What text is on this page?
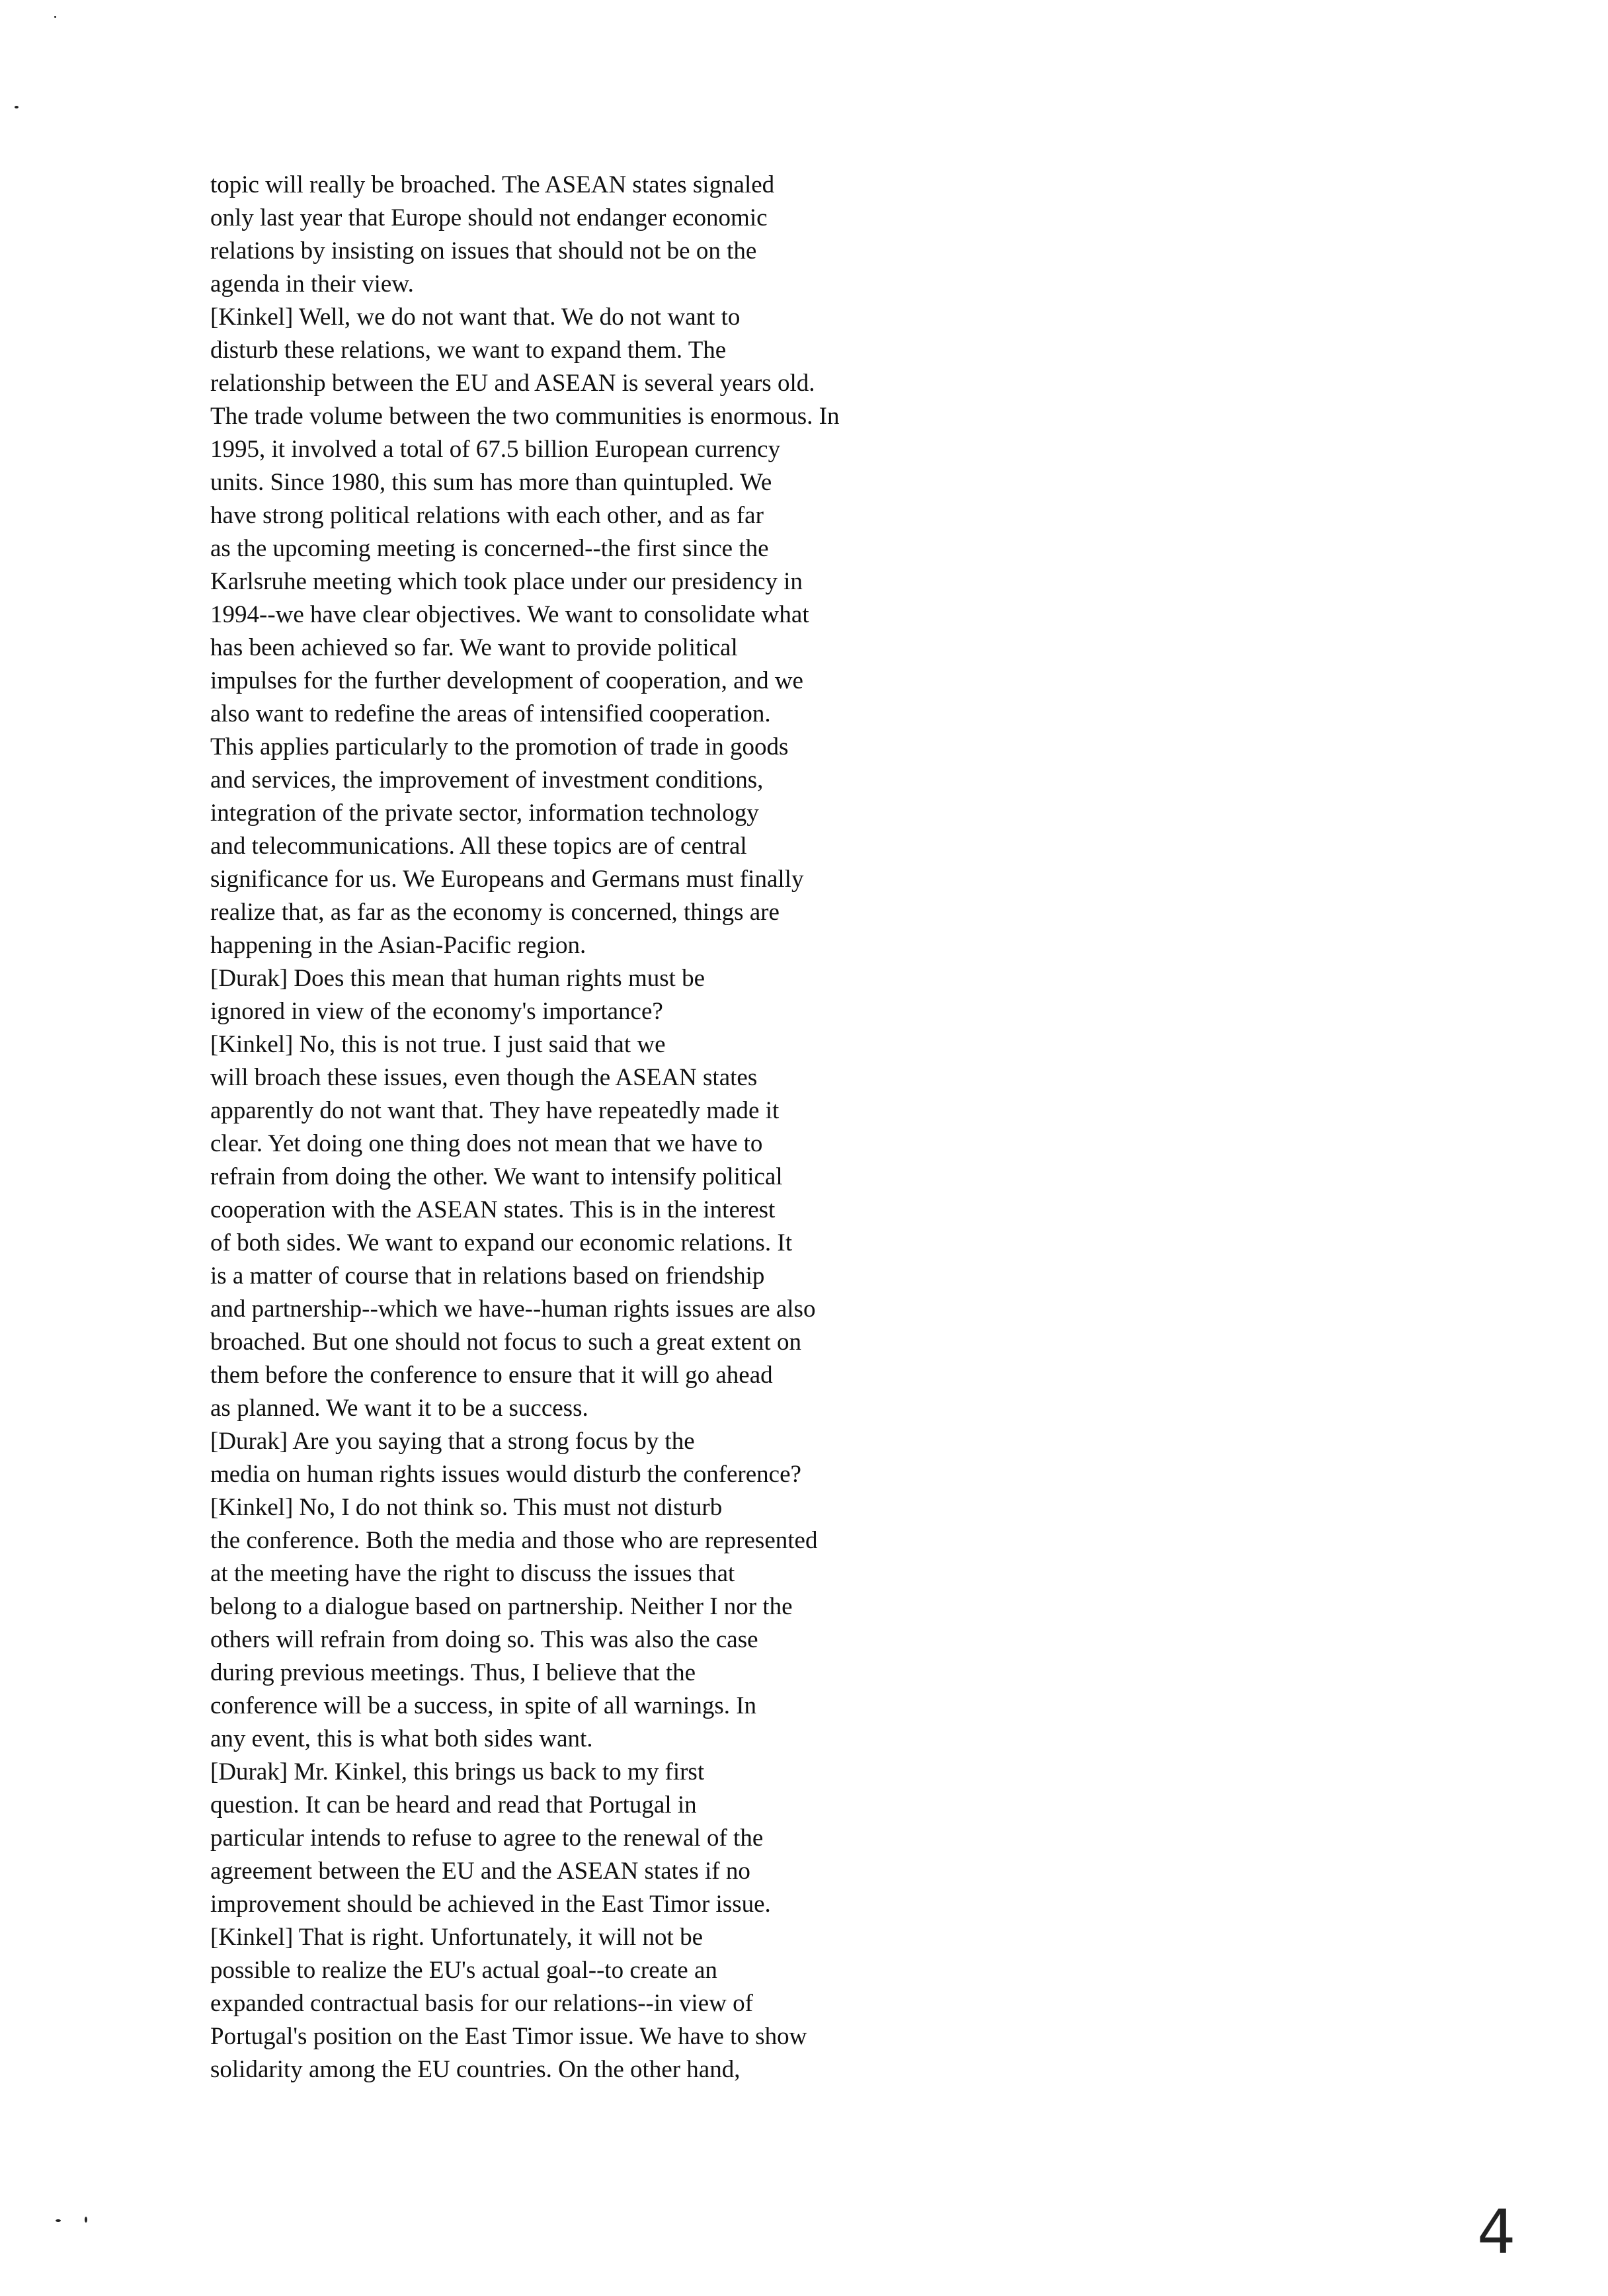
topic will really be broached. The ASEAN states signaled
only last year that Europe should not endanger economic
relations by insisting on issues that should not be on the
agenda in their view.
[Kinkel] Well, we do not want that. We do not want to
disturb these relations, we want to expand them. The
relationship between the EU and ASEAN is several years old.
The trade volume between the two communities is enormous. In
1995, it involved a total of 67.5 billion European currency
units. Since 1980, this sum has more than quintupled. We
have strong political relations with each other, and as far
as the upcoming meeting is concerned--the first since the
Karlsruhe meeting which took place under our presidency in
1994--we have clear objectives. We want to consolidate what
has been achieved so far. We want to provide political
impulses for the further development of cooperation, and we
also want to redefine the areas of intensified cooperation.
This applies particularly to the promotion of trade in goods
and services, the improvement of investment conditions,
integration of the private sector, information technology
and telecommunications. All these topics are of central
significance for us. We Europeans and Germans must finally
realize that, as far as the economy is concerned, things are
happening in the Asian-Pacific region.
[Durak] Does this mean that human rights must be
ignored in view of the economy's importance?
[Kinkel] No, this is not true. I just said that we
will broach these issues, even though the ASEAN states
apparently do not want that. They have repeatedly made it
clear. Yet doing one thing does not mean that we have to
refrain from doing the other. We want to intensify political
cooperation with the ASEAN states. This is in the interest
of both sides. We want to expand our economic relations. It
is a matter of course that in relations based on friendship
and partnership--which we have--human rights issues are also
broached. But one should not focus to such a great extent on
them before the conference to ensure that it will go ahead
as planned. We want it to be a success.
[Durak] Are you saying that a strong focus by the
media on human rights issues would disturb the conference?
[Kinkel] No, I do not think so. This must not disturb
the conference. Both the media and those who are represented
at the meeting have the right to discuss the issues that
belong to a dialogue based on partnership. Neither I nor the
others will refrain from doing so. This was also the case
during previous meetings. Thus, I believe that the
conference will be a success, in spite of all warnings. In
any event, this is what both sides want.
[Durak] Mr. Kinkel, this brings us back to my first
question. It can be heard and read that Portugal in
particular intends to refuse to agree to the renewal of the
agreement between the EU and the ASEAN states if no
improvement should be achieved in the East Timor issue.
[Kinkel] That is right. Unfortunately, it will not be
possible to realize the EU's actual goal--to create an
expanded contractual basis for our relations--in view of
Portugal's position on the East Timor issue. We have to show
solidarity among the EU countries. On the other hand,
4
